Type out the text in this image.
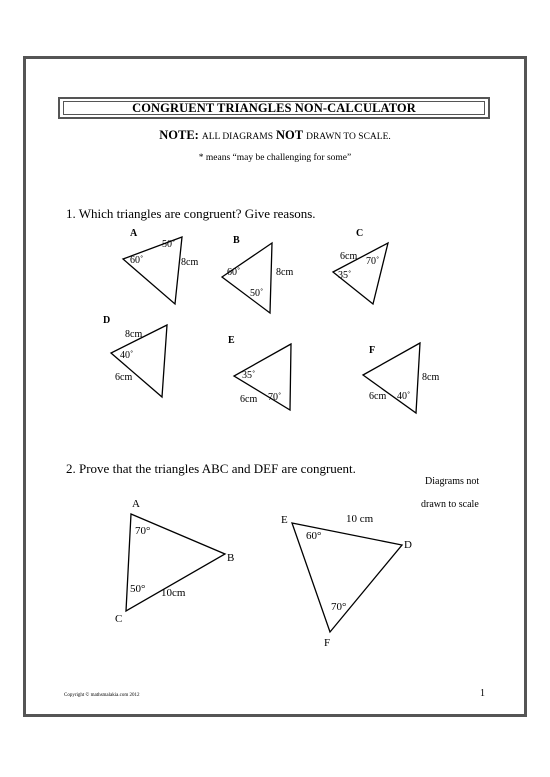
CONGRUENT TRIANGLES NON-CALCULATOR
NOTE: ALL DIAGRAMS NOT DRAWN TO SCALE.
* means “may be challenging for some”
1. Which triangles are congruent? Give reasons.
2. Prove that the triangles ABC and DEF are congruent.
Diagrams not
drawn to scale
A
50˚
60˚	8cm
B
60˚	8cm
50˚
C
6cm 70˚
35˚
D
8cm
40˚
6cm
E
35˚
6cm 70˚
F
8cm
6cm 40˚
A
70°
B
50° 10cm
C
E	10 cm
60°
D
70°
F
Copyright © mathsmalakia.com 2012	1
